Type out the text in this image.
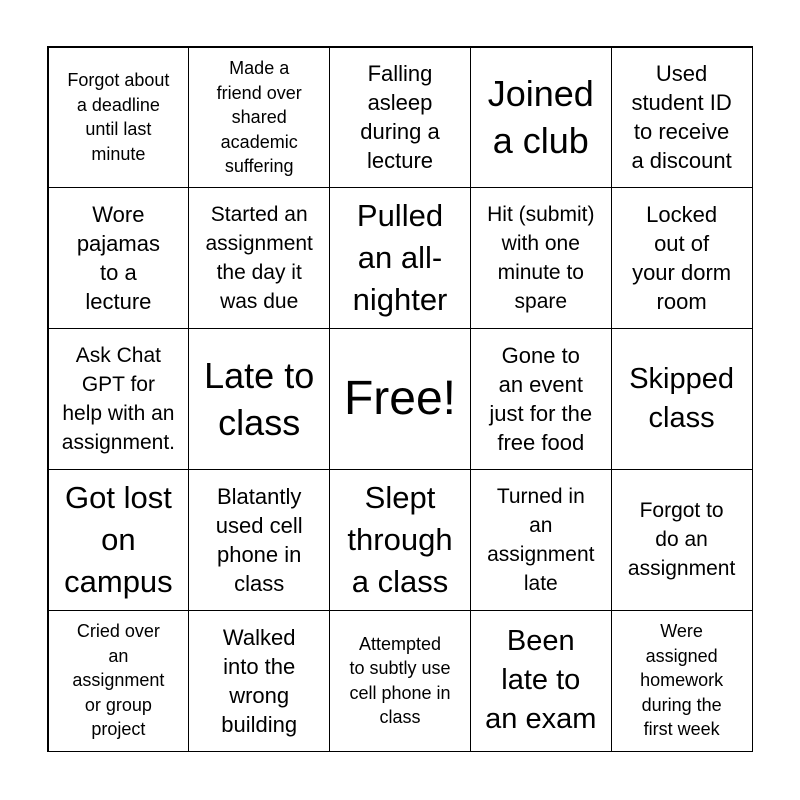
Forgot about
a deadline
until last
minute
Made a
friend over
shared
academic
suffering
Falling
asleep
during a
lecture
Joined
a club
Used
student ID
to receive
a discount
Wore
pajamas
to a
lecture
Started an
assignment
the day it
was due
Pulled
an all-
nighter
Hit (submit)
with one
minute to
spare
Locked
out of
your dorm
room
Ask Chat
GPT for
help with an
assignment.
Late to
class Free!
Gone to
an event
just for the
free food
Skipped
class
Got lost
on
campus
Blatantly
used cell
phone in
class
Slept
through
a class
Turned in
an
assignment
late
Forgot to
do an
assignment
Cried over
an
assignment
or group
project
Walked
into the
wrong
building
Attempted
to subtly use
cell phone in
class
Been
late to
an exam
Were
assigned
homework
during the
first week
